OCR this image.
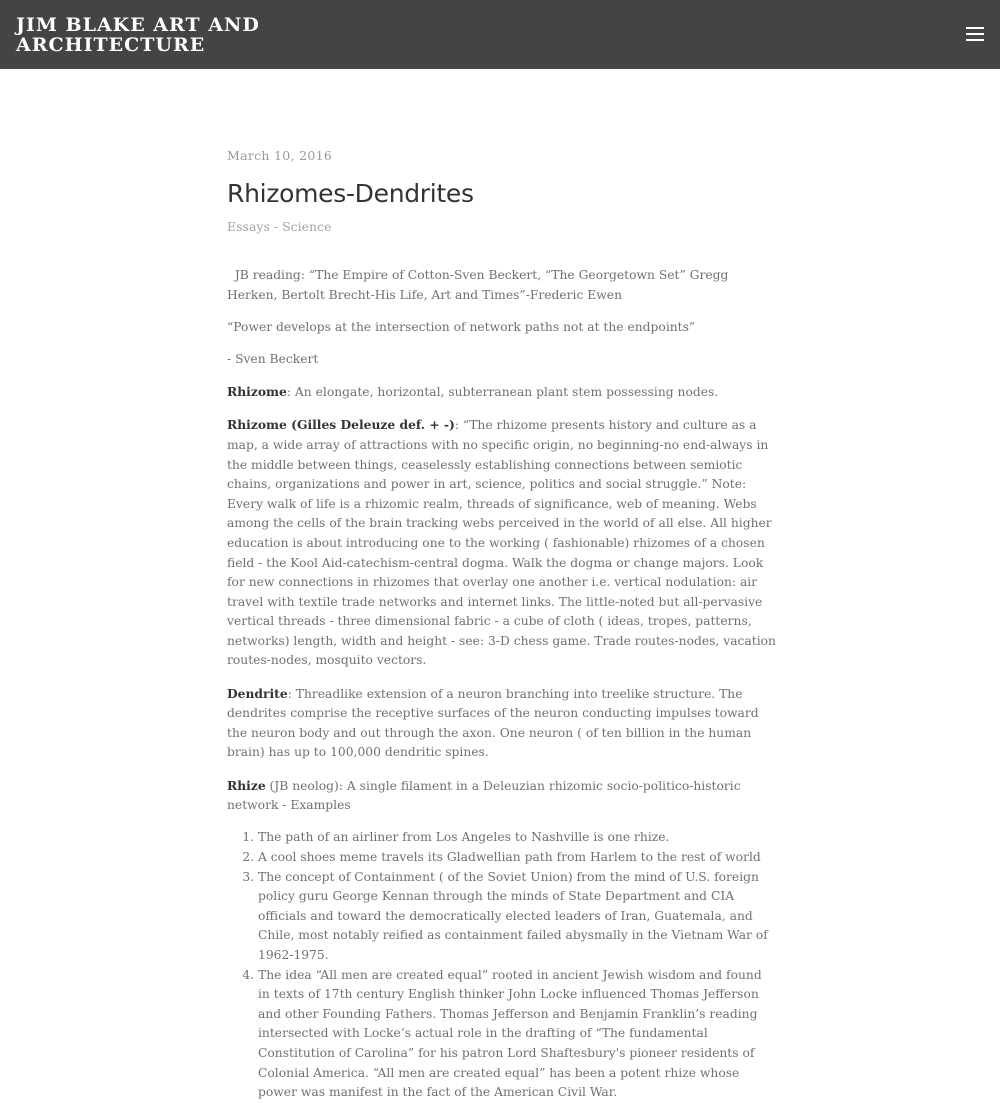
JIM BLAKE ART AND ARCHITECTURE
March 10, 2016
Rhizomes-Dendrites
Essays - Science

JB reading: “The Empire of Cotton-Sven Beckert, “The Georgetown Set” Gregg Herken, Bertolt Brecht-His Life, Art and Times”-Frederic Ewen

“Power develops at the intersection of network paths not at the endpoints”

- Sven Beckert

Rhizome: An elongate, horizontal, subterranean plant stem possessing nodes.

Rhizome (Gilles Deleuze def. + -): “The rhizome presents history and culture as a map, a wide array of attractions with no specific origin, no beginning-no end-always in the middle between things, ceaselessly establishing connections between semiotic chains, organizations and power in art, science, politics and social struggle.” Note: Every walk of life is a rhizomic realm, threads of significance, web of meaning. Webs among the cells of the brain tracking webs perceived in the world of all else. All higher education is about introducing one to the working ( fashionable) rhizomes of a chosen field - the Kool Aid-catechism-central dogma. Walk the dogma or change majors. Look for new connections in rhizomes that overlay one another i.e. vertical nodulation: air travel with textile trade networks and internet links. The little-noted but all-pervasive vertical threads - three dimensional fabric - a cube of cloth ( ideas, tropes, patterns, networks) length, width and height - see: 3-D chess game. Trade routes-nodes, vacation routes-nodes, mosquito vectors.

Dendrite: Threadlike extension of a neuron branching into treelike structure. The dendrites comprise the receptive surfaces of the neuron conducting impulses toward the neuron body and out through the axon. One neuron ( of ten billion in the human brain) has up to 100,000 dendritic spines.

Rhize (JB neolog): A single filament in a Deleuzian rhizomic socio-politico-historic network - Examples

1. The path of an airliner from Los Angeles to Nashville is one rhize.
2. A cool shoes meme travels its Gladwellian path from Harlem to the rest of world
3. The concept of Containment ( of the Soviet Union) from the mind of U.S. foreign policy guru George Kennan through the minds of State Department and CIA officials and toward the democratically elected leaders of Iran, Guatemala, and Chile, most notably reified as containment failed abysmally in the Vietnam War of 1962-1975.
4. The idea “All men are created equal” rooted in ancient Jewish wisdom and found in texts of 17th century English thinker John Locke influenced Thomas Jefferson and other Founding Fathers. Thomas Jefferson and Benjamin Franklin’s reading intersected with Locke’s actual role in the drafting of “The fundamental Constitution of Carolina” for his patron Lord Shaftesbury's pioneer residents of Colonial America. “All men are created equal” has been a potent rhize whose power was manifest in the fact of the American Civil War.
